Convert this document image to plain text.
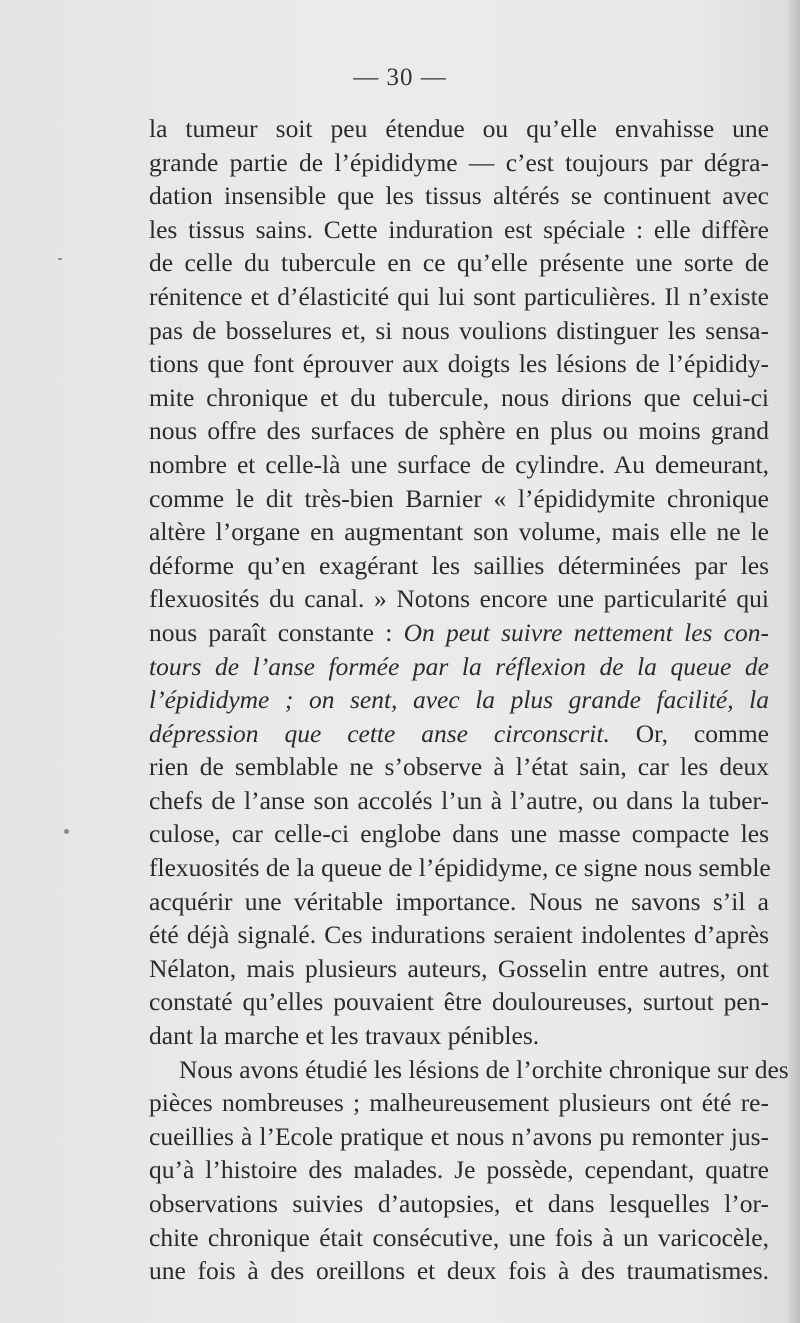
— 30 —
la tumeur soit peu étendue ou qu’elle envahisse une
grande partie de l’épididyme — c’est toujours par dégra-
dation insensible que les tissus altérés se continuent avec
les tissus sains. Cette induration est spéciale : elle diffère
de celle du tubercule en ce qu’elle présente une sorte de
rénitence et d’élasticité qui lui sont particulières. Il n’existe
pas de bosselures et, si nous voulions distinguer les sensa-
tions que font éprouver aux doigts les lésions de l’épididy-
mite chronique et du tubercule, nous dirions que celui-ci
nous offre des surfaces de sphère en plus ou moins grand
nombre et celle-là une surface de cylindre. Au demeurant,
comme le dit très-bien Barnier « l’épididymite chronique
altère l’organe en augmentant son volume, mais elle ne le
déforme qu’en exagérant les saillies déterminées par les
flexuosités du canal. » Notons encore une particularité qui
nous paraît constante : On peut suivre nettement les con-
tours de l’anse formée par la réflexion de la queue de
l’épididyme ; on sent, avec la plus grande facilité, la
dépression que cette anse circonscrit. Or, comme
rien de semblable ne s’observe à l’état sain, car les deux
chefs de l’anse son accolés l’un à l’autre, ou dans la tuber-
culose, car celle-ci englobe dans une masse compacte les
flexuosités de la queue de l’épididyme, ce signe nous semble
acquérir une véritable importance. Nous ne savons s’il a
été déjà signalé. Ces indurations seraient indolentes d’après
Nélaton, mais plusieurs auteurs, Gosselin entre autres, ont
constaté qu’elles pouvaient être douloureuses, surtout pen-
dant la marche et les travaux pénibles.
Nous avons étudié les lésions de l’orchite chronique sur des
pièces nombreuses ; malheureusement plusieurs ont été re-
cueillies à l’Ecole pratique et nous n’avons pu remonter jus-
qu’à l’histoire des malades. Je possède, cependant, quatre
observations suivies d’autopsies, et dans lesquelles l’or-
chite chronique était consécutive, une fois à un varicocèle,
une fois à des oreillons et deux fois à des traumatismes.
